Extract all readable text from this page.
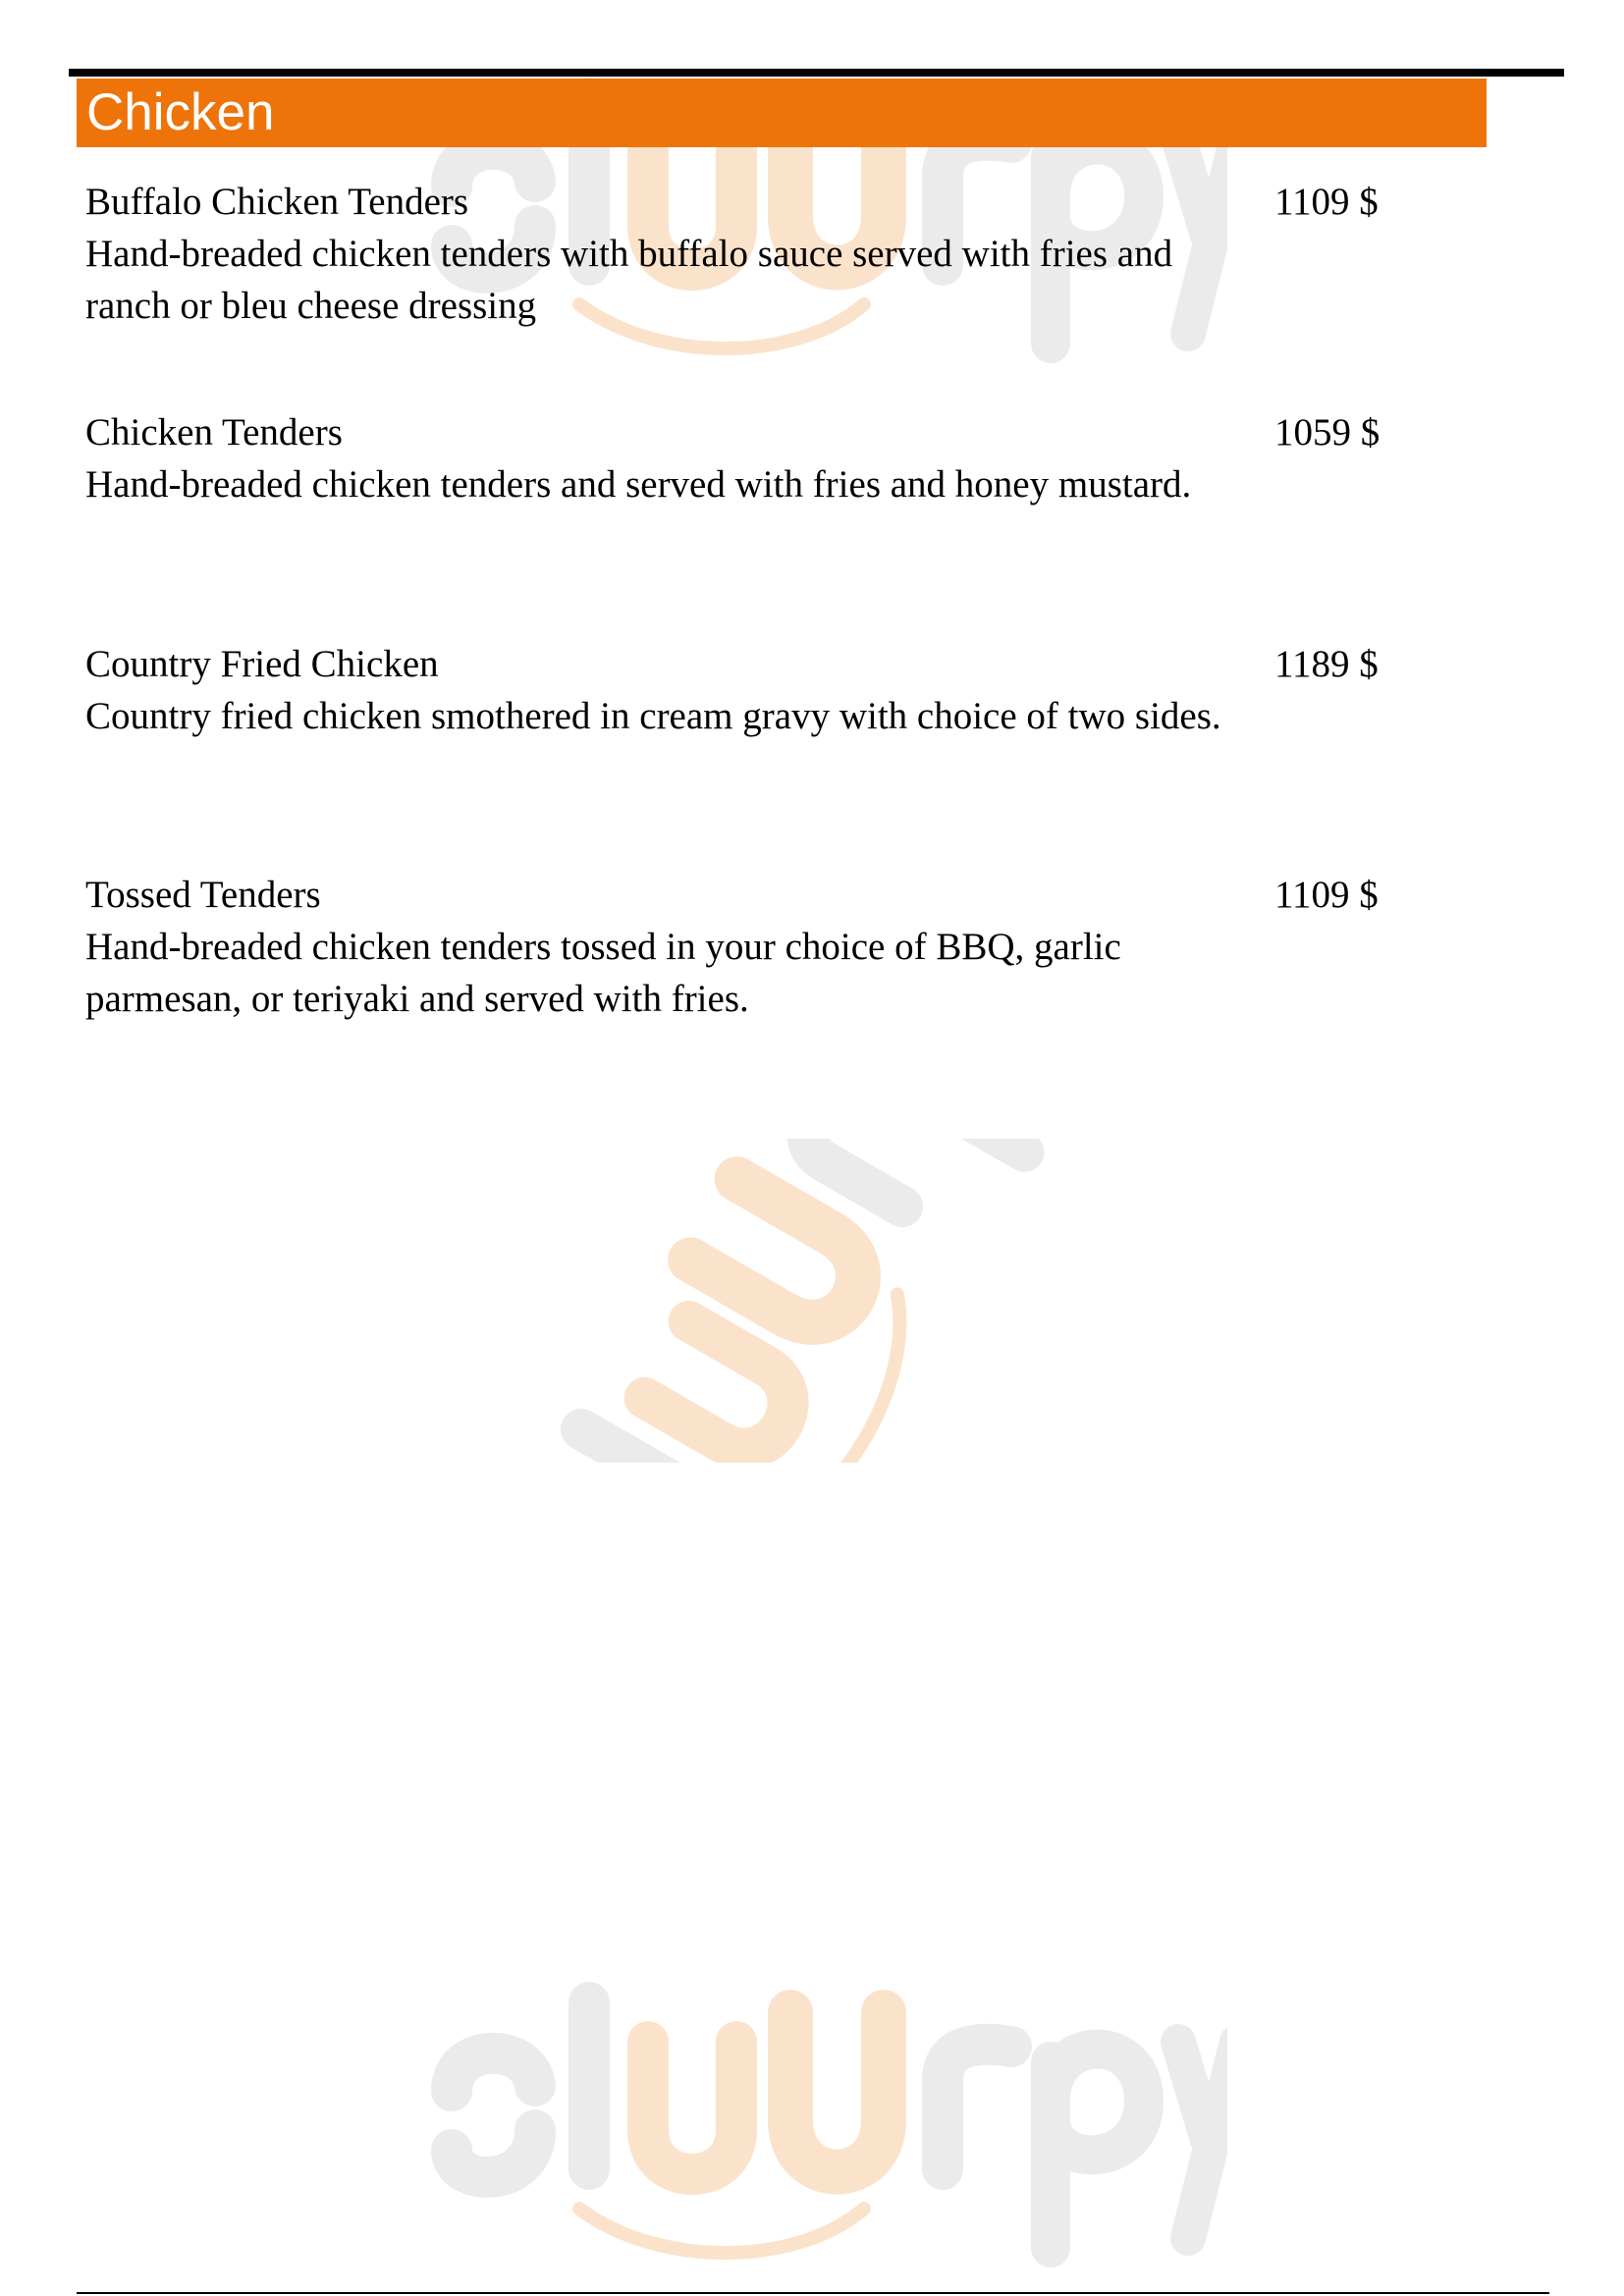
Chicken
Buffalo Chicken Tenders	1109 $
Hand-breaded chicken tenders with buffalo sauce served with fries and ranch or bleu cheese dressing
Chicken Tenders	1059 $
Hand-breaded chicken tenders and served with fries and honey mustard.
Country Fried Chicken	1189 $
Country fried chicken smothered in cream gravy with choice of two sides.
Tossed Tenders	1109 $
Hand-breaded chicken tenders tossed in your choice of BBQ, garlic parmesan, or teriyaki and served with fries.
